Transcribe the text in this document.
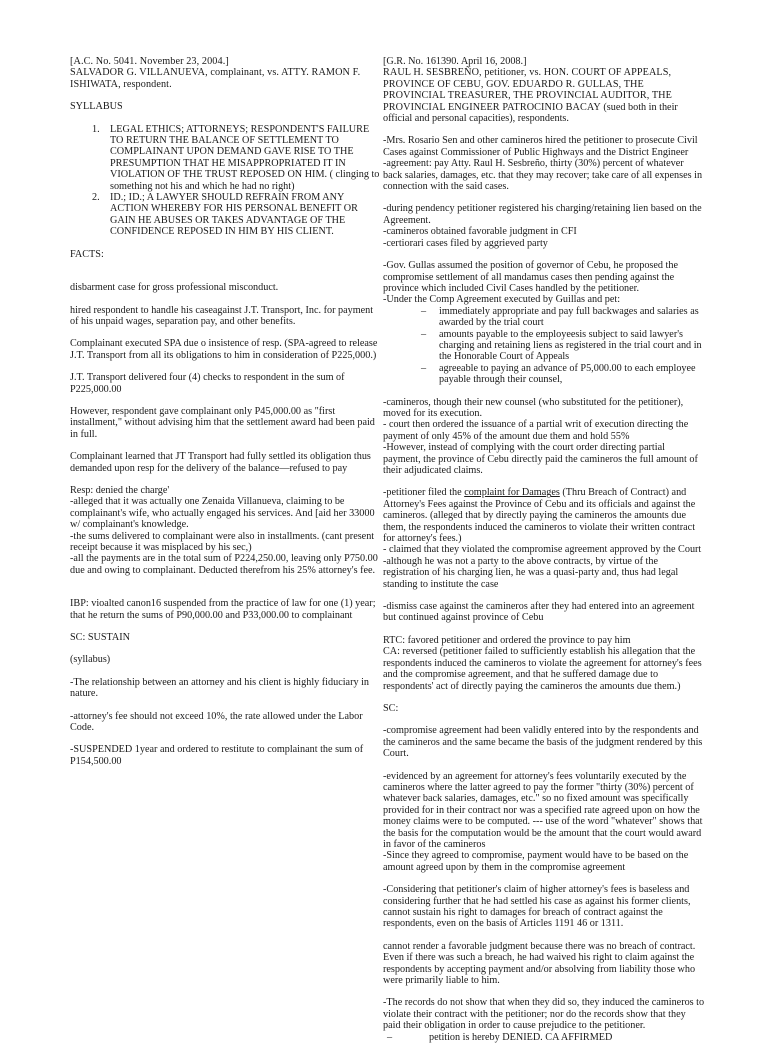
[A.C. No. 5041. November 23, 2004.]
SALVADOR G. VILLANUEVA, complainant, vs. ATTY. RAMON F. ISHIWATA, respondent.

SYLLABUS

1.	LEGAL ETHICS; ATTORNEYS; RESPONDENT'S FAILURE TO RETURN THE BALANCE OF SETTLEMENT TO COMPLAINANT UPON DEMAND GAVE RISE TO THE PRESUMPTION THAT HE MISAPPROPRIATED IT IN VIOLATION OF THE TRUST REPOSED ON HIM. ( clinging to something not his and which he had no right)
2.	ID.; ID.; A LAWYER SHOULD REFRAIN FROM ANY ACTION WHEREBY FOR HIS PERSONAL BENEFIT OR GAIN HE ABUSES OR TAKES ADVANTAGE OF THE CONFIDENCE REPOSED IN HIM BY HIS CLIENT.

FACTS:

disbarment case for gross professional misconduct.

hired respondent to handle his caseagainst J.T. Transport, Inc. for payment of his unpaid wages, separation pay, and other benefits.

Complainant executed SPA due o insistence of resp. (SPA-agreed to release J.T. Transport from all its obligations to him in consideration of P225,000.)

J.T. Transport delivered four (4) checks to respondent in the sum of P225,000.00

However, respondent gave complainant only P45,000.00 as "first installment," without advising him that the settlement award had been paid in full.

Complainant learned that JT Transport had fully settled its obligation thus demanded upon resp for the delivery of the balance—refused to pay

Resp: denied the charge'
-alleged that it was actually one Zenaida Villanueva, claiming to be complainant's wife, who actually engaged his services. And [aid her 33000 w/ complainant's knowledge.
-the sums delivered to complainant were also in installments. (cant present receipt because it was misplaced by his sec,)
-all the payments are in the total sum of P224,250.00, leaving only P750.00 due and owing to complainant. Deducted therefrom his 25% attorney's fee.

IBP: vioalted canon16 suspended from the practice of law for one (1) year; that he return the sums of P90,000.00 and P33,000.00 to complainant

SC: SUSTAIN

(syllabus)

-The relationship between an attorney and his client is highly fiduciary in nature.

-attorney's fee should not exceed 10%, the rate allowed under the Labor Code.

-SUSPENDED 1year and ordered to restitute to complainant the sum of P154,500.00

[G.R. No. 161390. April 16, 2008.]

RAUL H. SESBREÑO, petitioner, vs. HON. COURT OF APPEALS, PROVINCE OF CEBU, GOV. EDUARDO R. GULLAS, THE PROVINCIAL TREASURER, THE PROVINCIAL AUDITOR, THE PROVINCIAL ENGINEER PATROCINIO BACAY (sued both in their official and personal capacities), respondents.

-Mrs. Rosario Sen and other camineros hired the petitioner to prosecute Civil Cases against Commissioner of Public Highways and the District Engineer
-agreement: pay Atty. Raul H. Sesbreño, thirty (30%) percent of whatever back salaries, damages, etc. that they may recover; take care of all expenses in connection with the said cases.

-during pendency petitioner registered his charging/retaining lien based on the Agreement.
-camineros obtained favorable judgment in CFI
-certiorari cases filed by aggrieved party

-Gov. Gullas assumed the position of governor of Cebu, he proposed the compromise settlement of all mandamus cases then pending against the province which included Civil Cases handled by the petitioner.
-Under the Comp Agreement executed by Guillas and pet:

–	immediately appropriate and pay full backwages and salaries as awarded by the trial court
–	amounts payable to the employeesis subject to said lawyer's charging and retaining liens as registered in the trial court and in the Honorable Court of Appeals
–	agreeable to paying an advance of P5,000.00 to each employee payable through their counsel,

-camineros, though their new counsel (who substituted for the petitioner), moved for its execution.
- court then ordered the issuance of a partial writ of execution directing the payment of only 45% of the amount due them and hold 55%
-However, instead of complying with the court order directing partial payment, the province of Cebu directly paid the camineros the full amount of their adjudicated claims.

-petitioner filed the complaint for Damages (Thru Breach of Contract) and Attorney's Fees against the Province of Cebu and its officials and against the camineros. (alleged that by directly paying the camineros the amounts due them, the respondents induced the camineros to violate their written contract for attorney's fees.)
- claimed that they violated the compromise agreement approved by the Court
-although he was not a party to the above contracts, by virtue of the registration of his charging lien, he was a quasi-party and, thus had legal standing to institute the case

-dismiss case against the camineros after they had entered into an agreement but continued against province of Cebu

RTC: favored petitioner and ordered the province to pay him
CA: reversed (petitioner failed to sufficiently establish his allegation that the respondents induced the camineros to violate the agreement for attorney's fees and the compromise agreement, and that he suffered damage due to respondents' act of directly paying the camineros the amounts due them.)

SC:

-compromise agreement had been validly entered into by the respondents and the camineros and the same became the basis of the judgment rendered by this Court.

-evidenced by an agreement for attorney's fees voluntarily executed by the camineros where the latter agreed to pay the former "thirty (30%) percent of whatever back salaries, damages, etc." so no fixed amount was specifically provided for in their contract nor was a specified rate agreed upon on how the money claims were to be computed. --- use of the word "whatever" shows that the basis for the computation would be the amount that the court would award in favor of the camineros
-Since they agreed to compromise, payment would have to be based on the amount agreed upon by them in the compromise agreement

-Considering that petitioner's claim of higher attorney's fees is baseless and considering further that he had settled his case as against his former clients, cannot sustain his right to damages for breach of contract against the respondents, even on the basis of Articles 1191 46 or 1311.

cannot render a favorable judgment because there was no breach of contract. Even if there was such a breach, he had waived his right to claim against the respondents by accepting payment and/or absolving from liability those who were primarily liable to him.

-The records do not show that when they did so, they induced the camineros to violate their contract with the petitioner; nor do the records show that they paid their obligation in order to cause prejudice to the petitioner.

–	petition is hereby DENIED. CA AFFIRMED
